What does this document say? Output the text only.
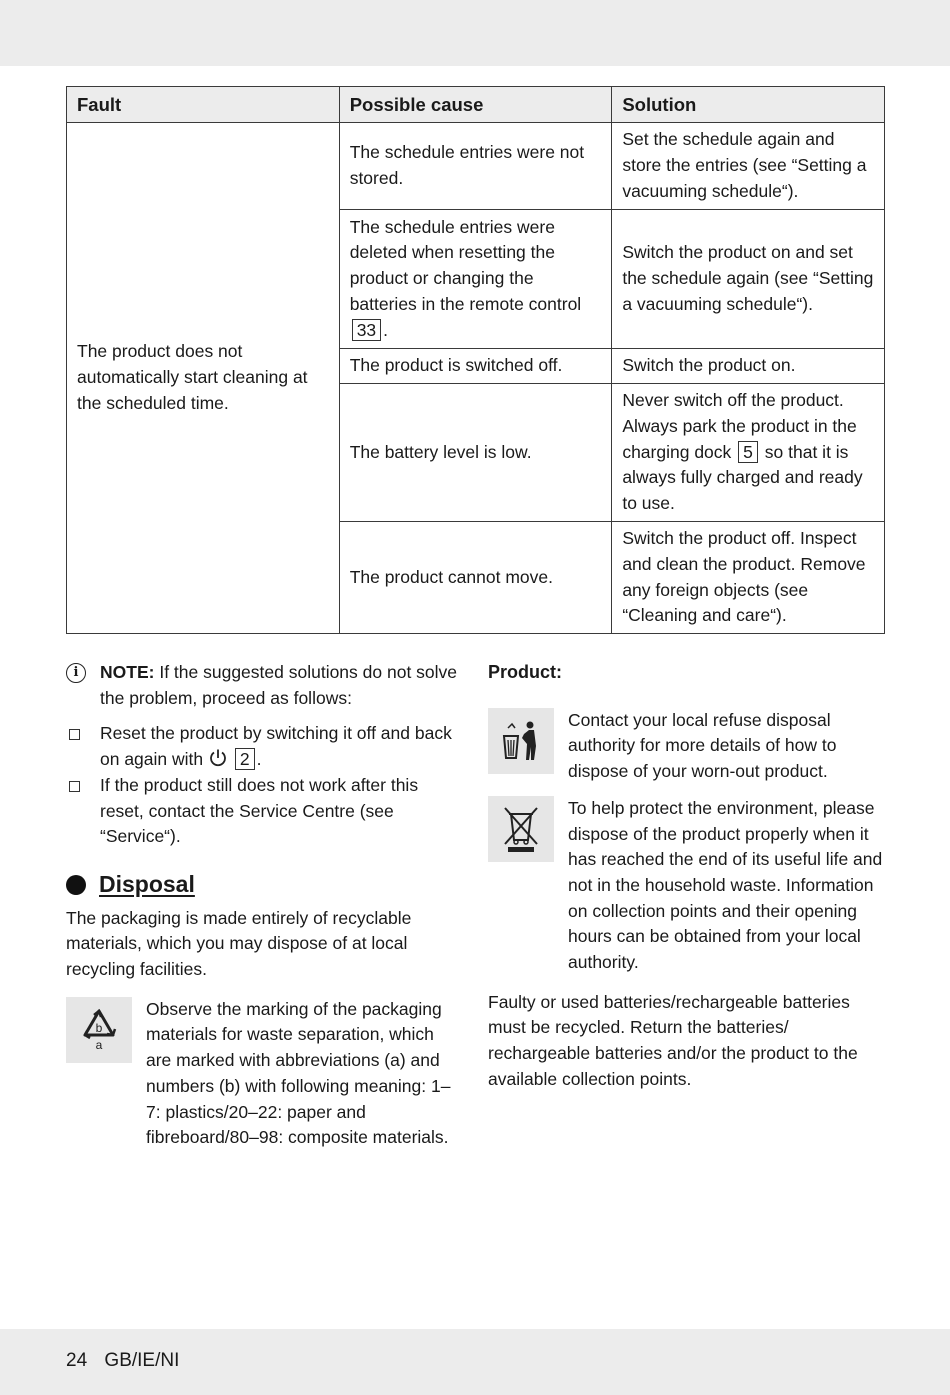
Fault	Possible cause	Solution
The product does not automatically start cleaning at the scheduled time.	The schedule entries were not stored.	Set the schedule again and store the entries (see “Setting a vacuuming schedule“).
	The schedule entries were deleted when resetting the product or changing the batteries in the remote control 33 .	Switch the product on and set the schedule again (see “Setting a vacuuming schedule“).
	The product is switched off.	Switch the product on.
	The battery level is low.	Never switch off the product. Always park the product in the charging dock 5 so that it is always fully charged and ready to use.
	The product cannot move.	Switch the product off. Inspect and clean the product. Remove any foreign objects (see “Cleaning and care“).
i	NOTE: If the suggested solutions do not solve the problem, proceed as follows:
Reset the product by switching it off and back on again with 2 .
If the product still does not work after this reset, contact the Service Centre (see “Service“).
Disposal
The packaging is made entirely of recyclable materials, which you may dispose of at local recycling facilities.
b
a
Observe the marking of the packaging materials for waste separation, which are marked with abbreviations (a) and numbers (b) with following meaning: 1–7: plastics/20–22: paper and fibreboard/80–98: composite materials.
Product:
Contact your local refuse disposal authority for more details of how to dispose of your worn-out product.
To help protect the environment, please dispose of the product properly when it has reached the end of its useful life and not in the household waste. Information on collection points and their opening hours can be obtained from your local authority.
Faulty or used batteries/rechargeable batteries must be recycled. Return the batteries/ rechargeable batteries and/or the product to the available collection points.
24 GB/IE/NI
